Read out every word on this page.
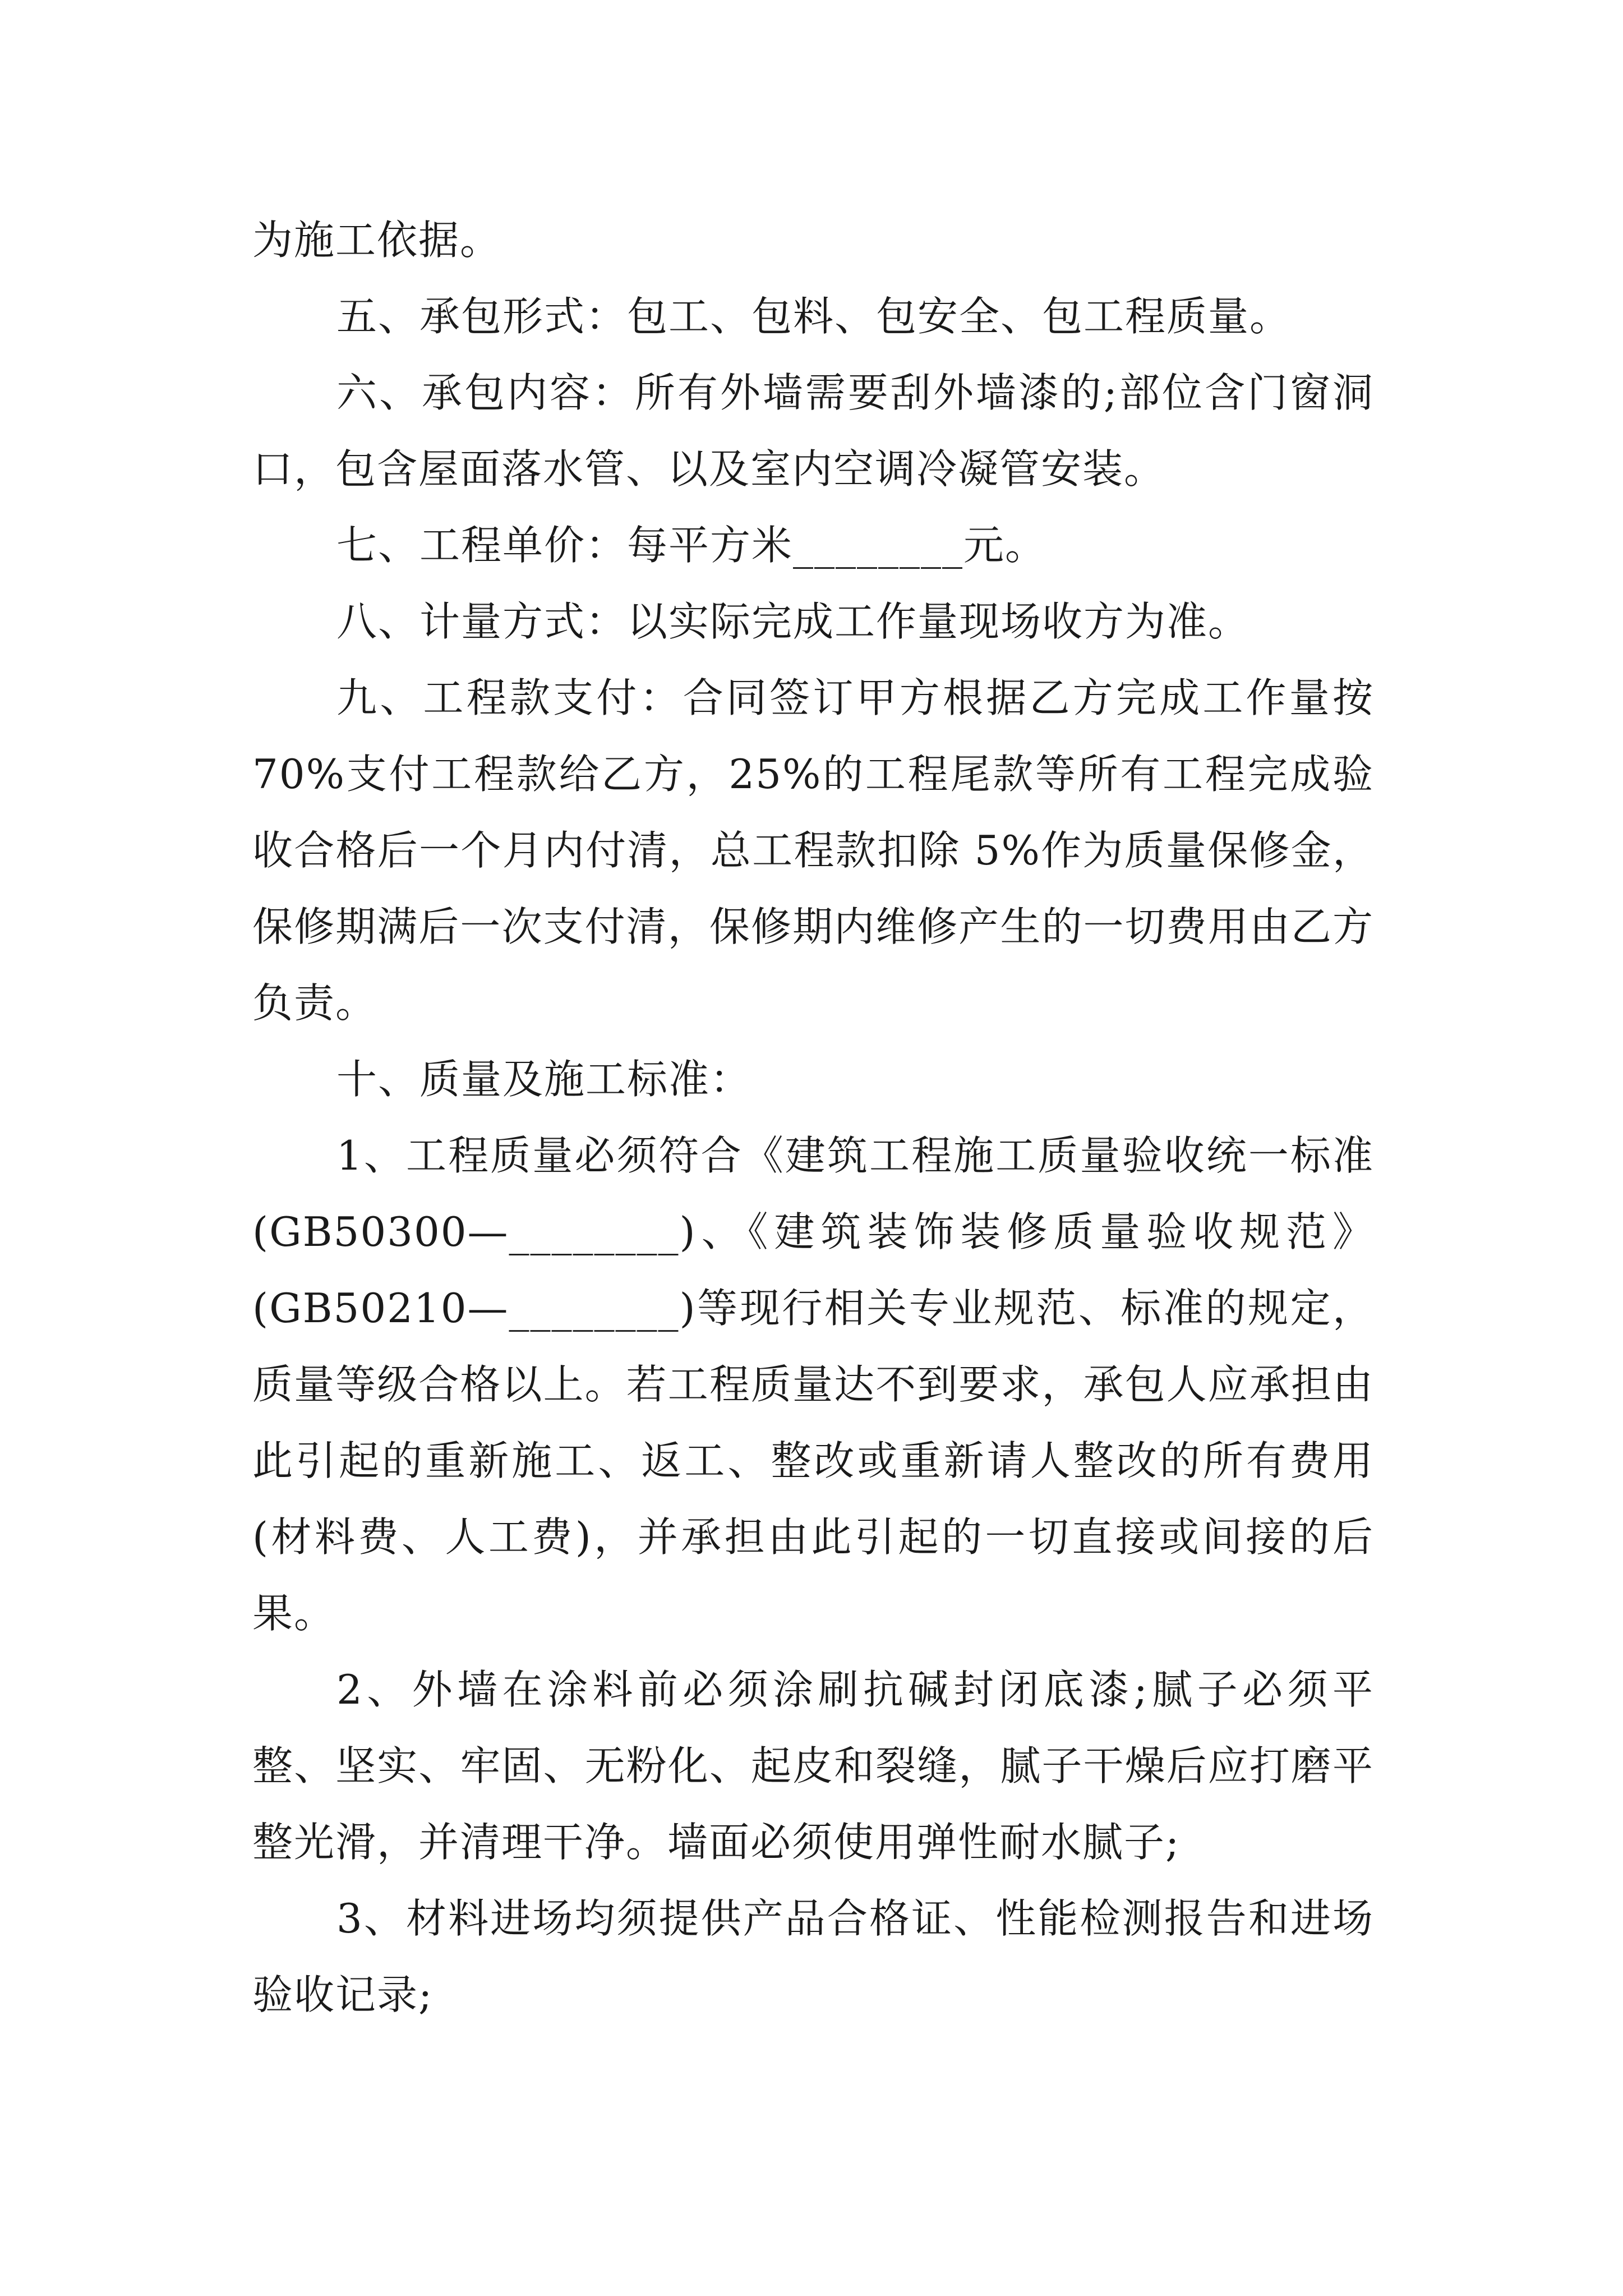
为施工依据。

五、承包形式：包工、包料、包安全、包工程质量。

六、承包内容：所有外墙需要刮外墙漆的;部位含门窗洞口，包含屋面落水管、以及室内空调冷凝管安装。

七、工程单价：每平方米________元。

八、计量方式：以实际完成工作量现场收方为准。

九、工程款支付：合同签订甲方根据乙方完成工作量按70%支付工程款给乙方，25%的工程尾款等所有工程完成验收合格后一个月内付清，总工程款扣除 5%作为质量保修金，保修期满后一次支付清，保修期内维修产生的一切费用由乙方负责。

十、质量及施工标准：

1、工程质量必须符合《建筑工程施工质量验收统一标准(GB50300—________)、《建筑装饰装修质量验收规范》(GB50210—________)等现行相关专业规范、标准的规定，质量等级合格以上。若工程质量达不到要求，承包人应承担由此引起的重新施工、返工、整改或重新请人整改的所有费用(材料费、人工费)，并承担由此引起的一切直接或间接的后果。

2、外墙在涂料前必须涂刷抗碱封闭底漆;腻子必须平整、坚实、牢固、无粉化、起皮和裂缝，腻子干燥后应打磨平整光滑，并清理干净。墙面必须使用弹性耐水腻子;

3、材料进场均须提供产品合格证、性能检测报告和进场验收记录;
